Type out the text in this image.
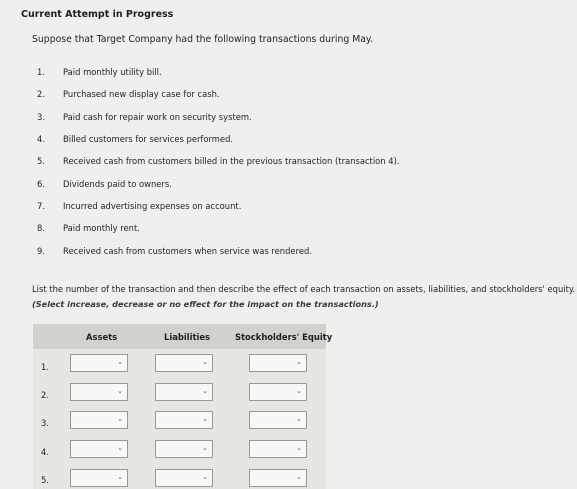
Current Attempt in Progress
Suppose that Target Company had the following transactions during May.
1. Paid monthly utility bill.
2. Purchased new display case for cash.
3. Paid cash for repair work on security system.
4. Billed customers for services performed.
5. Received cash from customers billed in the previous transaction (transaction 4).
6. Dividends paid to owners.
7. Incurred advertising expenses on account.
8. Paid monthly rent.
9. Received cash from customers when service was rendered.
List the number of the transaction and then describe the effect of each transaction on assets, liabilities, and stockholders' equity.
(Select increase, decrease or no effect for the impact on the transactions.)
Assets	Liabilities	Stockholders' Equity
1.	⌄	⌄	⌄
2.	⌄	⌄	⌄
3.	⌄	⌄	⌄
4.	⌄	⌄	⌄
5.	⌄	⌄	⌄
